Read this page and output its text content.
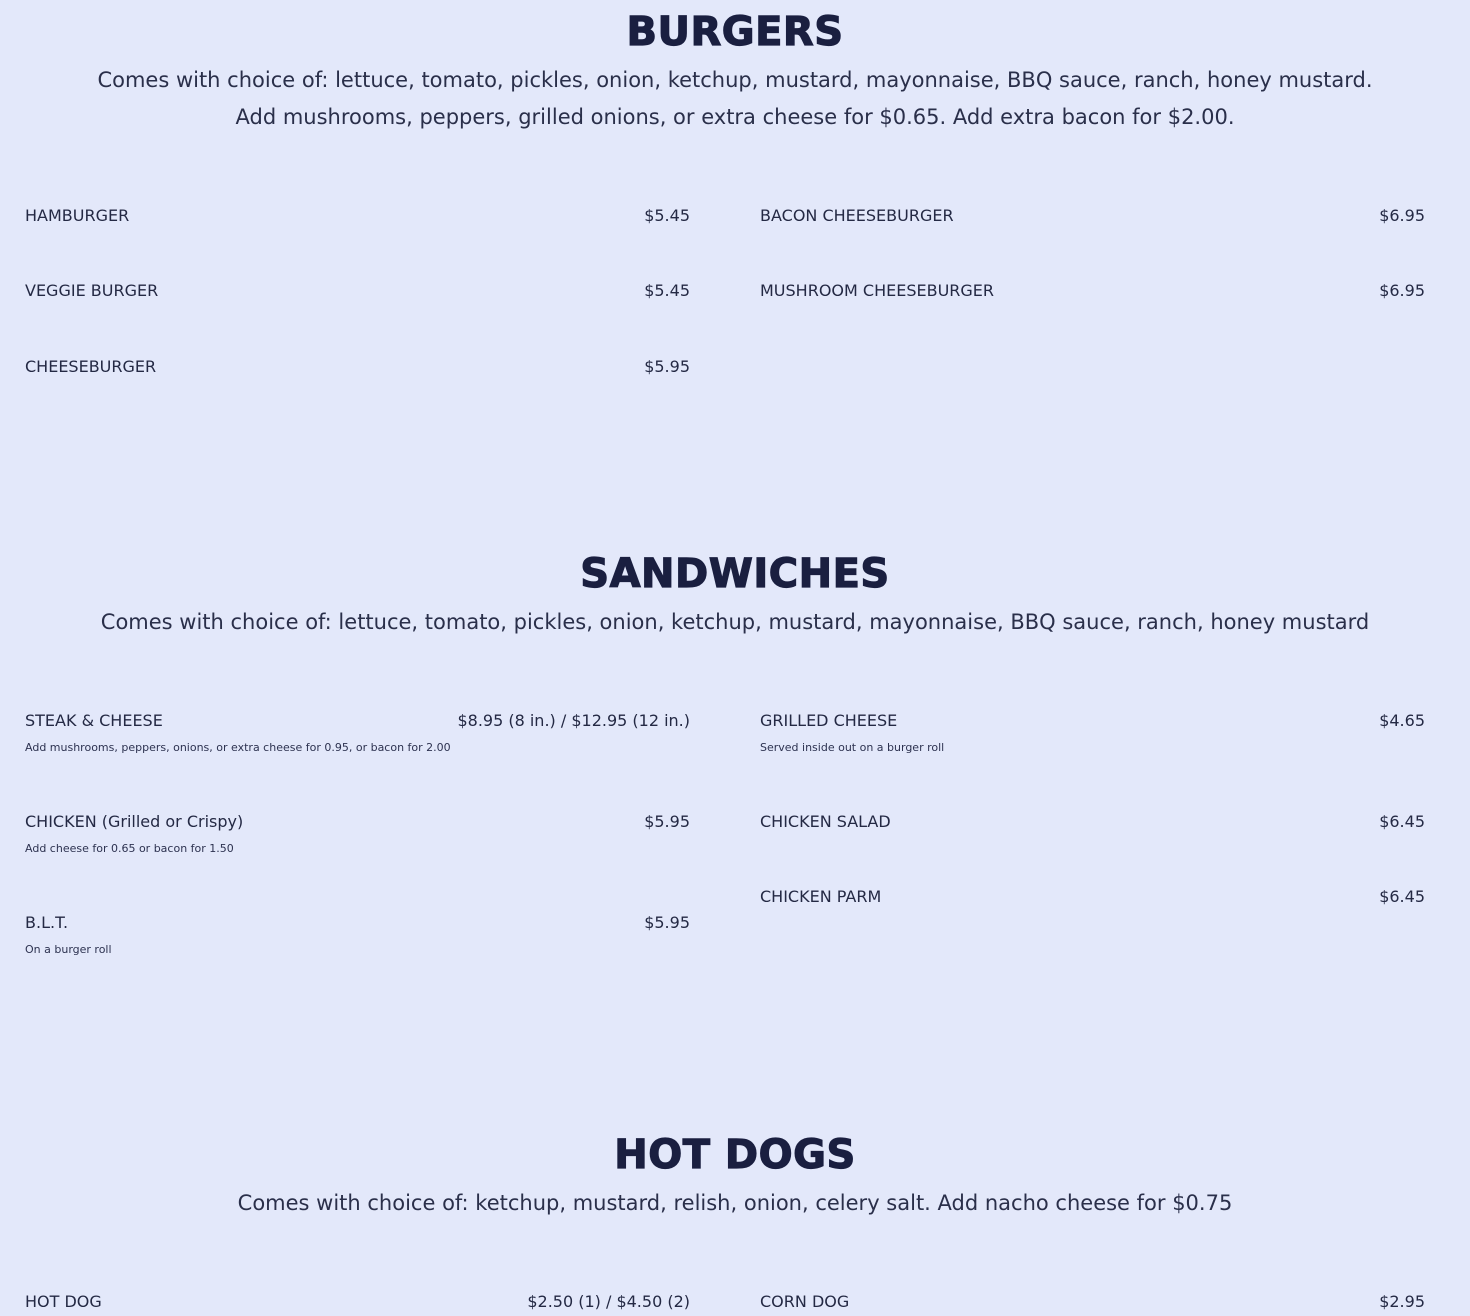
BURGERS

Comes with choice of: lettuce, tomato, pickles, onion, ketchup, mustard, mayonnaise, BBQ sauce, ranch, honey mustard. Add mushrooms, peppers, grilled onions, or extra cheese for $0.65. Add extra bacon for $2.00.

HAMBURGER	$5.45
VEGGIE BURGER	$5.45
CHEESEBURGER	$5.95
BACON CHEESEBURGER	$6.95
MUSHROOM CHEESEBURGER	$6.95
SANDWICHES

Comes with choice of: lettuce, tomato, pickles, onion, ketchup, mustard, mayonnaise, BBQ sauce, ranch, honey mustard

STEAK & CHEESE	$8.95 (8 in.) / $12.95 (12 in.)
Add mushrooms, peppers, onions, or extra cheese for 0.95, or bacon for 2.00
CHICKEN (Grilled or Crispy)	$5.95
Add cheese for 0.65 or bacon for 1.50
B.L.T.	$5.95
On a burger roll
GRILLED CHEESE	$4.65
Served inside out on a burger roll
CHICKEN SALAD	$6.45
CHICKEN PARM	$6.45
HOT DOGS

Comes with choice of: ketchup, mustard, relish, onion, celery salt. Add nacho cheese for $0.75

HOT DOG	$2.50 (1) / $4.50 (2)	CORN DOG	$2.95
